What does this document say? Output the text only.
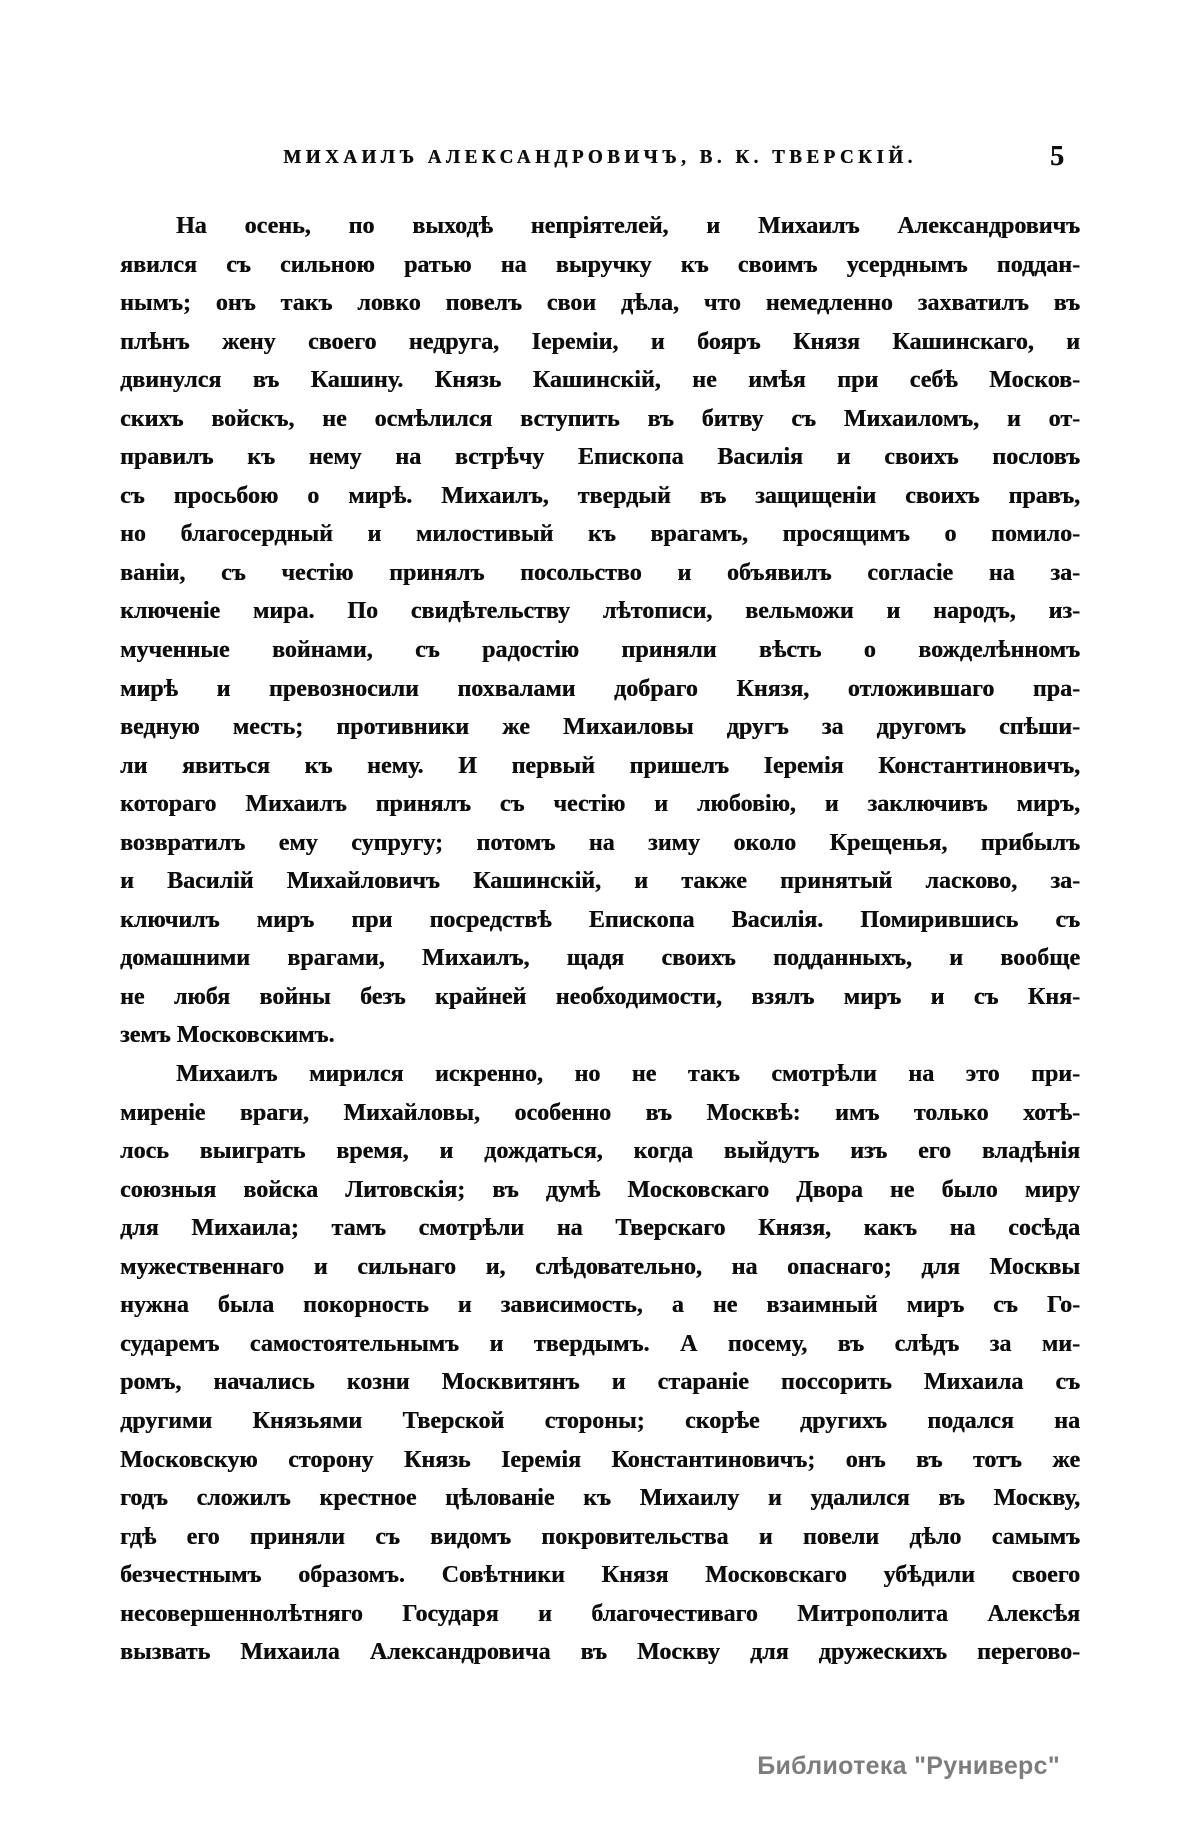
МИХАИЛЪ АЛЕКСАНДРОВИЧЪ, В. К. ТВЕРСКІЙ.	5
На осень, по выходѣ непріятелей, и Михаилъ Александровичъ
явился съ сильною ратью на выручку къ своимъ усерднымъ поддан-
нымъ; онъ такъ ловко повелъ свои дѣла, что немедленно захватилъ въ
плѣнъ жену своего недруга, Іереміи, и бояръ Князя Кашинскаго, и
двинулся въ Кашину. Князь Кашинскій, не имѣя при себѣ Москов-
скихъ войскъ, не осмѣлился вступить въ битву съ Михаиломъ, и от-
правилъ къ нему на встрѣчу Епископа Василія и своихъ пословъ
съ просьбою о мирѣ. Михаилъ, твердый въ защищеніи своихъ правъ,
но благосердный и милостивый къ врагамъ, просящимъ о помило-
ваніи, съ честію принялъ посольство и объявилъ согласіе на за-
ключеніе мира. По свидѣтельству лѣтописи, вельможи и народъ, из-
мученные войнами, съ радостію приняли вѣсть о вожделѣнномъ
мирѣ и превозносили похвалами добраго Князя, отложившаго пра-
ведную месть; противники же Михаиловы другъ за другомъ спѣши-
ли явиться къ нему. И первый пришелъ Іеремія Константиновичъ,
котораго Михаилъ принялъ съ честію и любовію, и заключивъ миръ,
возвратилъ ему супругу; потомъ на зиму около Крещенья, прибылъ
и Василій Михайловичъ Кашинскій, и также принятый ласково, за-
ключилъ миръ при посредствѣ Епископа Василія. Помирившись съ
домашними врагами, Михаилъ, щадя своихъ подданныхъ, и вообще
не любя войны безъ крайней необходимости, взялъ миръ и съ Кня-
земъ Московскимъ.
Михаилъ мирился искренно, но не такъ смотрѣли на это при-
миреніе враги, Михайловы, особенно въ Москвѣ: имъ только хотѣ-
лось выиграть время, и дождаться, когда выйдутъ изъ его владѣнія
союзныя войска Литовскія; въ думѣ Московскаго Двора не было миру
для Михаила; тамъ смотрѣли на Тверскаго Князя, какъ на сосѣда
мужественнаго и сильнаго и, слѣдовательно, на опаснаго; для Москвы
нужна была покорность и зависимость, а не взаимный миръ съ Го-
сударемъ самостоятельнымъ и твердымъ. А посему, въ слѣдъ за ми-
ромъ, начались козни Москвитянъ и стараніе поссорить Михаила съ
другими Князьями Тверской стороны; скорѣе другихъ подался на
Московскую сторону Князь Іеремія Константиновичъ; онъ въ тотъ же
годъ сложилъ крестное цѣлованіе къ Михаилу и удалился въ Москву,
гдѣ его приняли съ видомъ покровительства и повели дѣло самымъ
безчестнымъ образомъ. Совѣтники Князя Московскаго убѣдили своего
несовершеннолѣтняго Государя и благочестиваго Митрополита Алексѣя
вызвать Михаила Александровича въ Москву для дружескихъ перегово-
Библиотека "Руниверс"
